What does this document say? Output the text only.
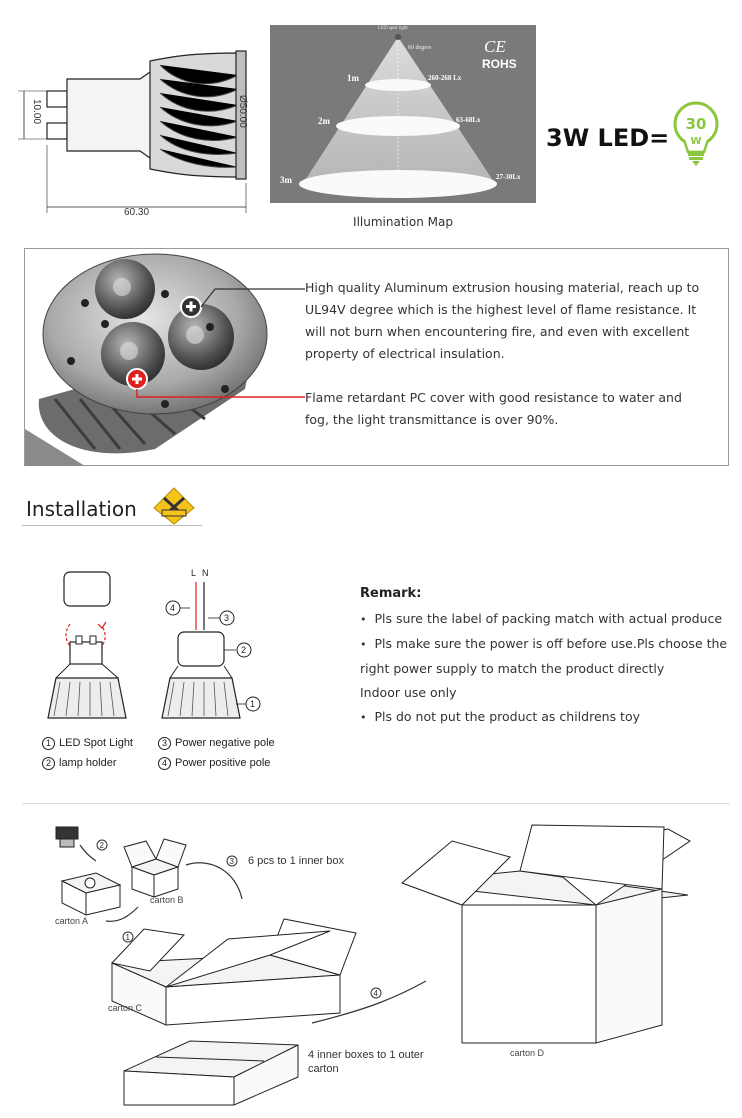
10.00	Ø50.00
60.30
LED spot light
60 degree	CE
ROHS
1m	260-268 Lx
2m	63-68Lx
3m	27-30Lx
Illumination Map
3W LED= 30
W
High quality Aluminum extrusion housing material, reach up to UL94V degree which is the highest level of flame resistance. It will not burn when encountering fire, and even with excellent property of electrical insulation.
Flame retardant PC cover with good resistance to water and fog, the light transmittance is over 90%.
Installation
L N
4
3
2
1
1 LED Spot Light
2 lamp holder
3 Power negative pole
4 Power positive pole
Remark:
• Pls sure the label of packing match with actual produce
• Pls make sure the power is off before use.Pls choose the
right power supply to match the product directly
Indoor use only
• Pls do not put the product as childrens toy
2
1
3
4
carton A
carton B
carton C
carton D
6 pcs to 1 inner box
4 inner boxes to 1 outer
carton
